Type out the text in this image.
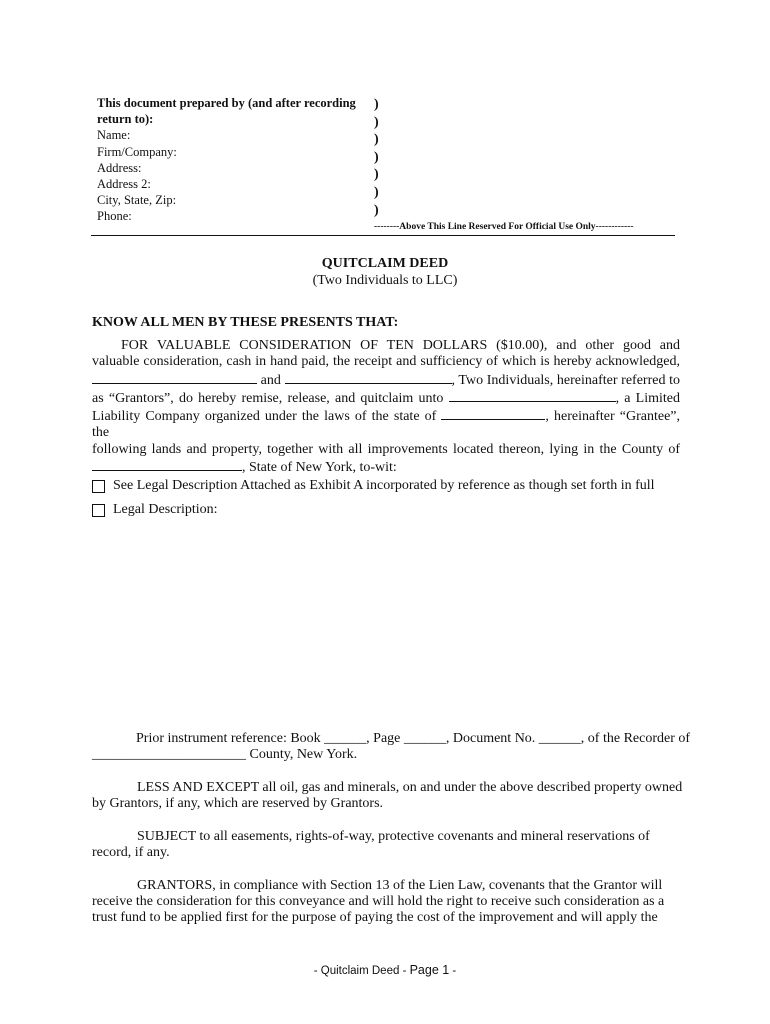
This document prepared by (and after recording
return to):
Name:
Firm/Company:
Address:
Address 2:
City, State, Zip:
Phone:
)
)
)
)
)
)
)
--------Above This Line Reserved For Official Use Only------------
QUITCLAIM DEED
(Two Individuals to LLC)
KNOW ALL MEN BY THESE PRESENTS THAT:
FOR VALUABLE CONSIDERATION OF TEN DOLLARS ($10.00), and other good and
valuable consideration, cash in hand paid, the receipt and sufficiency of which is hereby acknowledged,
and	, Two Individuals, hereinafter referred to
as “Grantors”, do hereby remise, release, and quitclaim unto	, a Limited
Liability Company organized under the laws of the state of	, hereinafter “Grantee”, the
following lands and property, together with all improvements located thereon, lying in the County of
, State of New York, to-wit:
See Legal Description Attached as Exhibit A incorporated by reference as though set forth in full
Legal Description:
Prior instrument reference: Book ______, Page ______, Document No. ______, of the Recorder of
______________________ County, New York.
LESS AND EXCEPT all oil, gas and minerals, on and under the above described property owned
by Grantors, if any, which are reserved by Grantors.
SUBJECT to all easements, rights-of-way, protective covenants and mineral reservations of
record, if any.
GRANTORS, in compliance with Section 13 of the Lien Law, covenants that the Grantor will
receive the consideration for this conveyance and will hold the right to receive such consideration as a
trust fund to be applied first for the purpose of paying the cost of the improvement and will apply the
- Quitclaim Deed - Page 1 -
